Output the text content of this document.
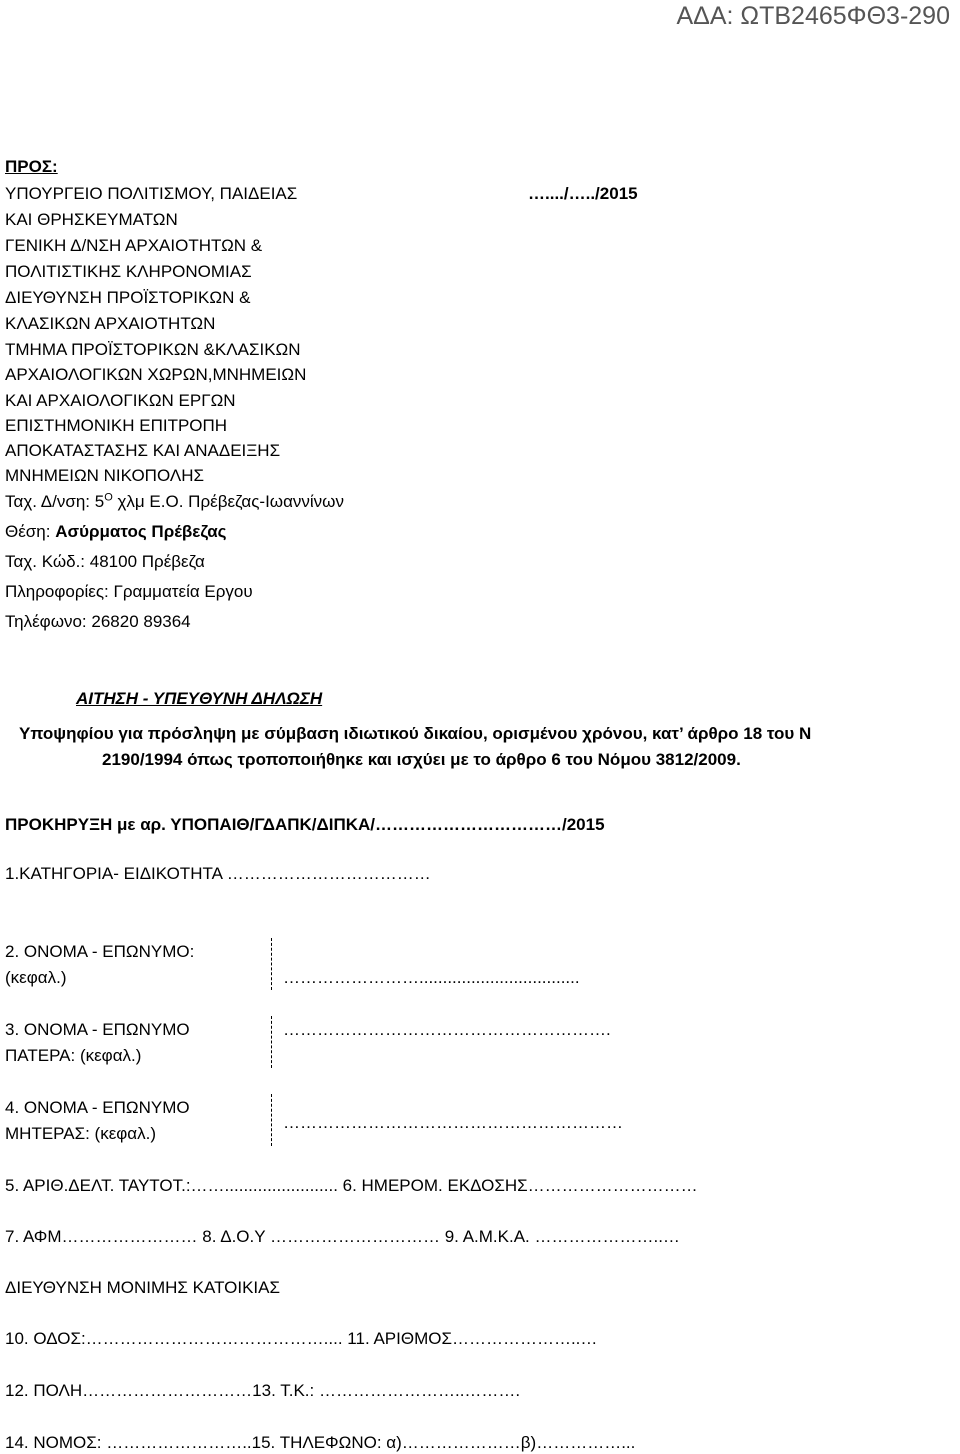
ΑΔΑ: ΩΤΒ2465ΦΘ3-290
ΠΡΟΣ:
ΥΠΟΥΡΓΕΙΟ ΠΟΛΙΤΙΣΜΟΥ, ΠΑΙΔΕΙΑΣ
ΚΑΙ ΘΡΗΣΚΕΥΜΑΤΩΝ
ΓΕΝΙΚΗ Δ/ΝΣΗ ΑΡΧΑΙΟΤΗΤΩΝ &
ΠΟΛΙΤΙΣΤΙΚΗΣ ΚΛΗΡΟΝΟΜΙΑΣ
ΔΙΕΥΘΥΝΣΗ ΠΡΟΪΣΤΟΡΙΚΩΝ &
ΚΛΑΣΙΚΩΝ ΑΡΧΑΙΟΤΗΤΩΝ
ΤΜΗΜΑ ΠΡΟΪΣΤΟΡΙΚΩΝ &ΚΛΑΣΙΚΩΝ
ΑΡΧΑΙΟΛΟΓΙΚΩΝ ΧΩΡΩΝ,ΜΝΗΜΕΙΩΝ
ΚΑΙ ΑΡΧΑΙΟΛΟΓΙΚΩΝ ΕΡΓΩΝ
ΕΠΙΣΤΗΜΟΝΙΚΗ ΕΠΙΤΡΟΠΗ
ΑΠΟΚΑΤΑΣΤΑΣΗΣ ΚΑΙ ΑΝΑΔΕΙΞΗΣ
ΜΝΗΜΕΙΩΝ ΝΙΚΟΠΟΛΗΣ
Ταχ. Δ/νση: $5^O$ χλμ Ε.Ο. Πρέβεζας-Ιωαννίνων
Θέση: Ασύρματος Πρέβεζας
Ταχ. Κώδ.: 48100 Πρέβεζα
Πληροφορίες: Γραμματεία Εργου
Τηλέφωνο: 26820 89364
…..../…../2015
ΑΙΤΗΣΗ - ΥΠΕΥΘΥΝΗ ΔΗΛΩΣΗ
Υποψηφίου για πρόσληψη με σύμβαση ιδιωτικού δικαίου, ορισμένου χρόνου, κατ’ άρθρο 18 του Ν
2190/1994 όπως τροποποιήθηκε και ισχύει με το άρθρο 6 του Νόμου 3812/2009.
ΠΡΟΚΗΡΥΞΗ με αρ. ΥΠΟΠΑΙΘ/ΓΔΑΠΚ/ΔΙΠΚΑ/……………………………/2015
1.ΚΑΤΗΓΟΡΙΑ- ΕΙΔΙΚΟΤΗΤΑ ………………………………
2. ΟΝΟΜΑ - ΕΠΩΝΥΜΟ:
(κεφαλ.)	……………………..................................
3. ΟΝΟΜΑ - ΕΠΩΝΥΜΟ
ΠΑΤΕΡΑ: (κεφαλ.)
………………………………………………….
4. ΟΝΟΜΑ - ΕΠΩΝΥΜΟ
ΜΗΤΕΡΑΣ: (κεφαλ.)
……………………………………………………
5. ΑΡΙΘ.ΔΕΛΤ. ΤΑΥΤΟΤ.:……........................ 6. ΗΜΕΡΟΜ. ΕΚΔΟΣΗΣ…………………………
7. ΑΦΜ…………………… 8. Δ.Ο.Υ ………………………… 9. Α.Μ.Κ.Α. …………………..…
ΔΙΕΥΘΥΝΣΗ ΜΟΝΙΜΗΣ ΚΑΤΟΙΚΙΑΣ
10. ΟΔΟΣ:…………………………………….... 11. ΑΡΙΘΜΟΣ…………………..…
12. ΠΟΛΗ…………………………13. Τ.Κ.: ……………………..……….
14. ΝΟΜΟΣ: ……………………..15. ΤΗΛΕΦΩΝΟ: α)…………………β)……………...
